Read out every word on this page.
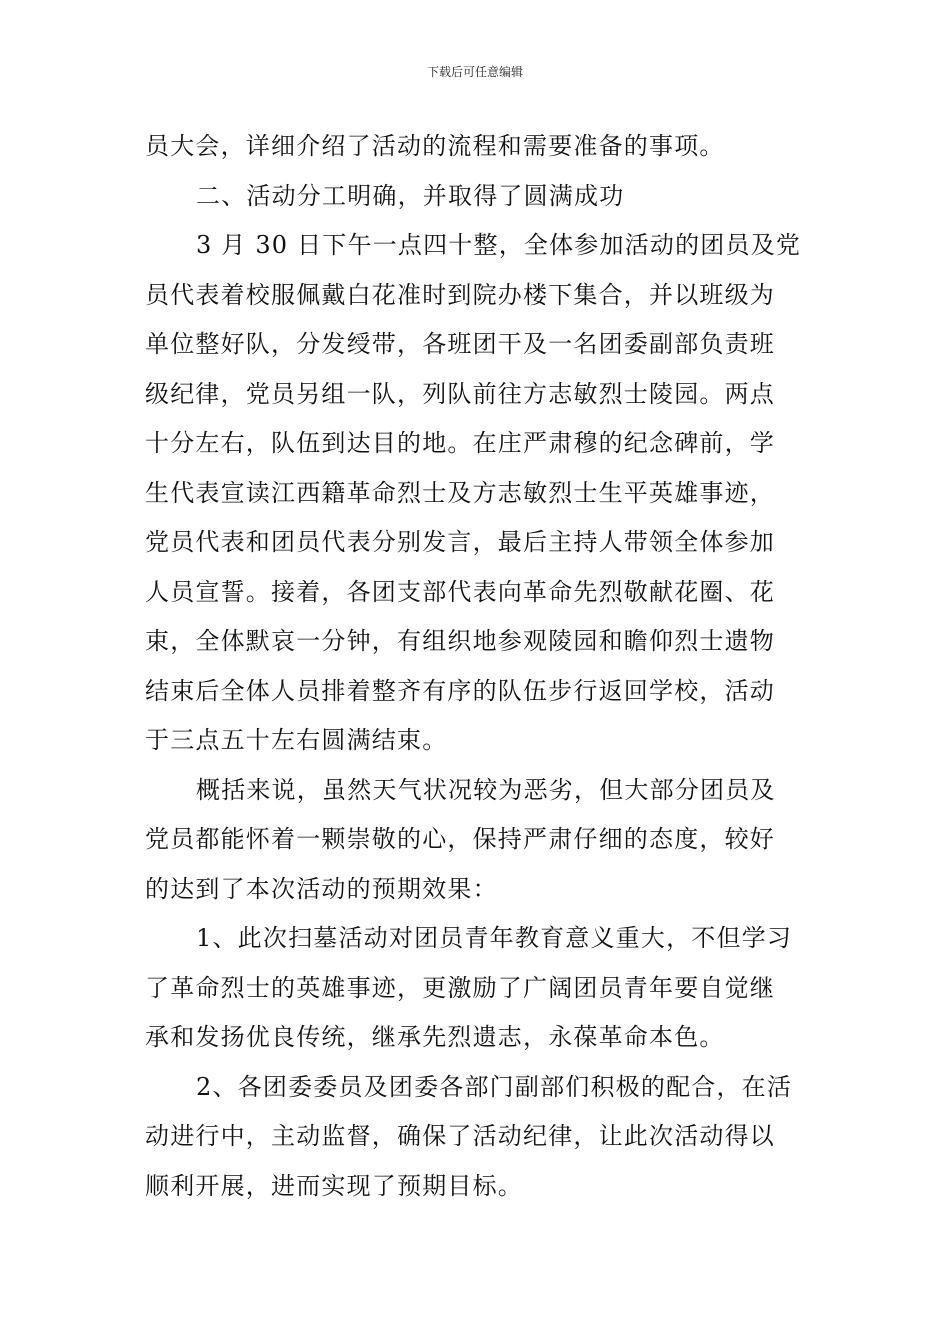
下载后可任意编辑
员大会，详细介绍了活动的流程和需要准备的事项。
二、活动分工明确，并取得了圆满成功
3 月 30 日下午一点四十整，全体参加活动的团员及党
员代表着校服佩戴白花准时到院办楼下集合，并以班级为
单位整好队，分发绶带，各班团干及一名团委副部负责班
级纪律，党员另组一队，列队前往方志敏烈士陵园。两点
十分左右，队伍到达目的地。在庄严肃穆的纪念碑前，学
生代表宣读江西籍革命烈士及方志敏烈士生平英雄事迹，
党员代表和团员代表分别发言，最后主持人带领全体参加
人员宣誓。接着，各团支部代表向革命先烈敬献花圈、花
束，全体默哀一分钟，有组织地参观陵园和瞻仰烈士遗物
结束后全体人员排着整齐有序的队伍步行返回学校，活动
于三点五十左右圆满结束。
概括来说，虽然天气状况较为恶劣，但大部分团员及
党员都能怀着一颗崇敬的心，保持严肃仔细的态度，较好
的达到了本次活动的预期效果：
1、此次扫墓活动对团员青年教育意义重大，不但学习
了革命烈士的英雄事迹，更激励了广阔团员青年要自觉继
承和发扬优良传统，继承先烈遗志，永葆革命本色。
2、各团委委员及团委各部门副部们积极的配合，在活
动进行中，主动监督，确保了活动纪律，让此次活动得以
顺利开展，进而实现了预期目标。
